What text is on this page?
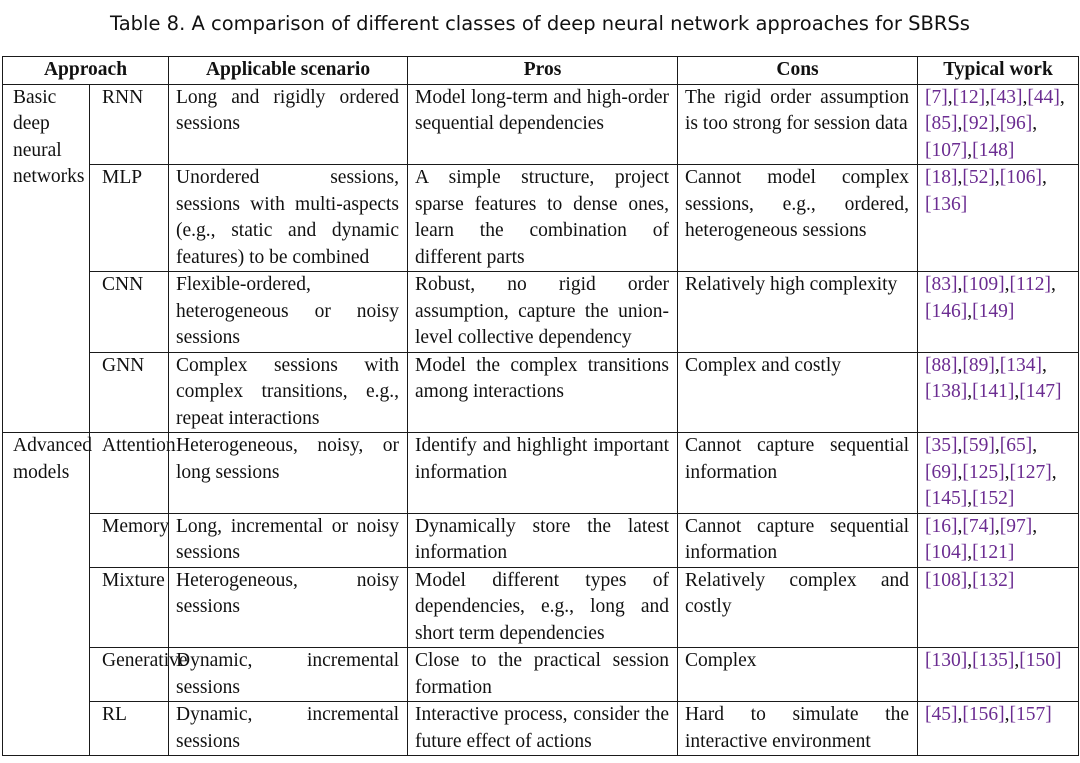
Table 8. A comparison of different classes of deep neural network approaches for SBRSs
Approach		Applicable scenario	Pros	Cons	Typical work
Basic deep neural networks	RNN	Long and rigidly ordered sessions	Model long-term and high-order sequential dependencies	The rigid order assumption is too strong for session data	[7],[12],[43],[44],[85],[92],[96],[107],[148]
	MLP	Unordered sessions, sessions with multi-aspects (e.g., static and dynamic features) to be combined	A simple structure, project sparse features to dense ones, learn the combination of different parts	Cannot model complex sessions, e.g., ordered, heterogeneous sessions	[18],[52],[106],[136]
	CNN	Flexible-ordered, heterogeneous or noisy sessions	Robust, no rigid order assumption, capture the union-level collective dependency	Relatively high complexity	[83],[109],[112],[146],[149]
	GNN	Complex sessions with complex transitions, e.g., repeat interactions	Model the complex transitions among interactions	Complex and costly	[88],[89],[134],[138],[141],[147]
Advanced models	Attention	Heterogeneous, noisy, or long sessions	Identify and highlight important information	Cannot capture sequential information	[35],[59],[65],[69],[125],[127],[145],[152]
	Memory	Long, incremental or noisy sessions	Dynamically store the latest information	Cannot capture sequential information	[16],[74],[97],[104],[121]
	Mixture	Heterogeneous, noisy sessions	Model different types of dependencies, e.g., long and short term dependencies	Relatively complex and costly	[108],[132]
	Generative	Dynamic, incremental sessions	Close to the practical session formation	Complex	[130],[135],[150]
	RL	Dynamic, incremental sessions	Interactive process, consider the future effect of actions	Hard to simulate the interactive environment	[45],[156],[157]
